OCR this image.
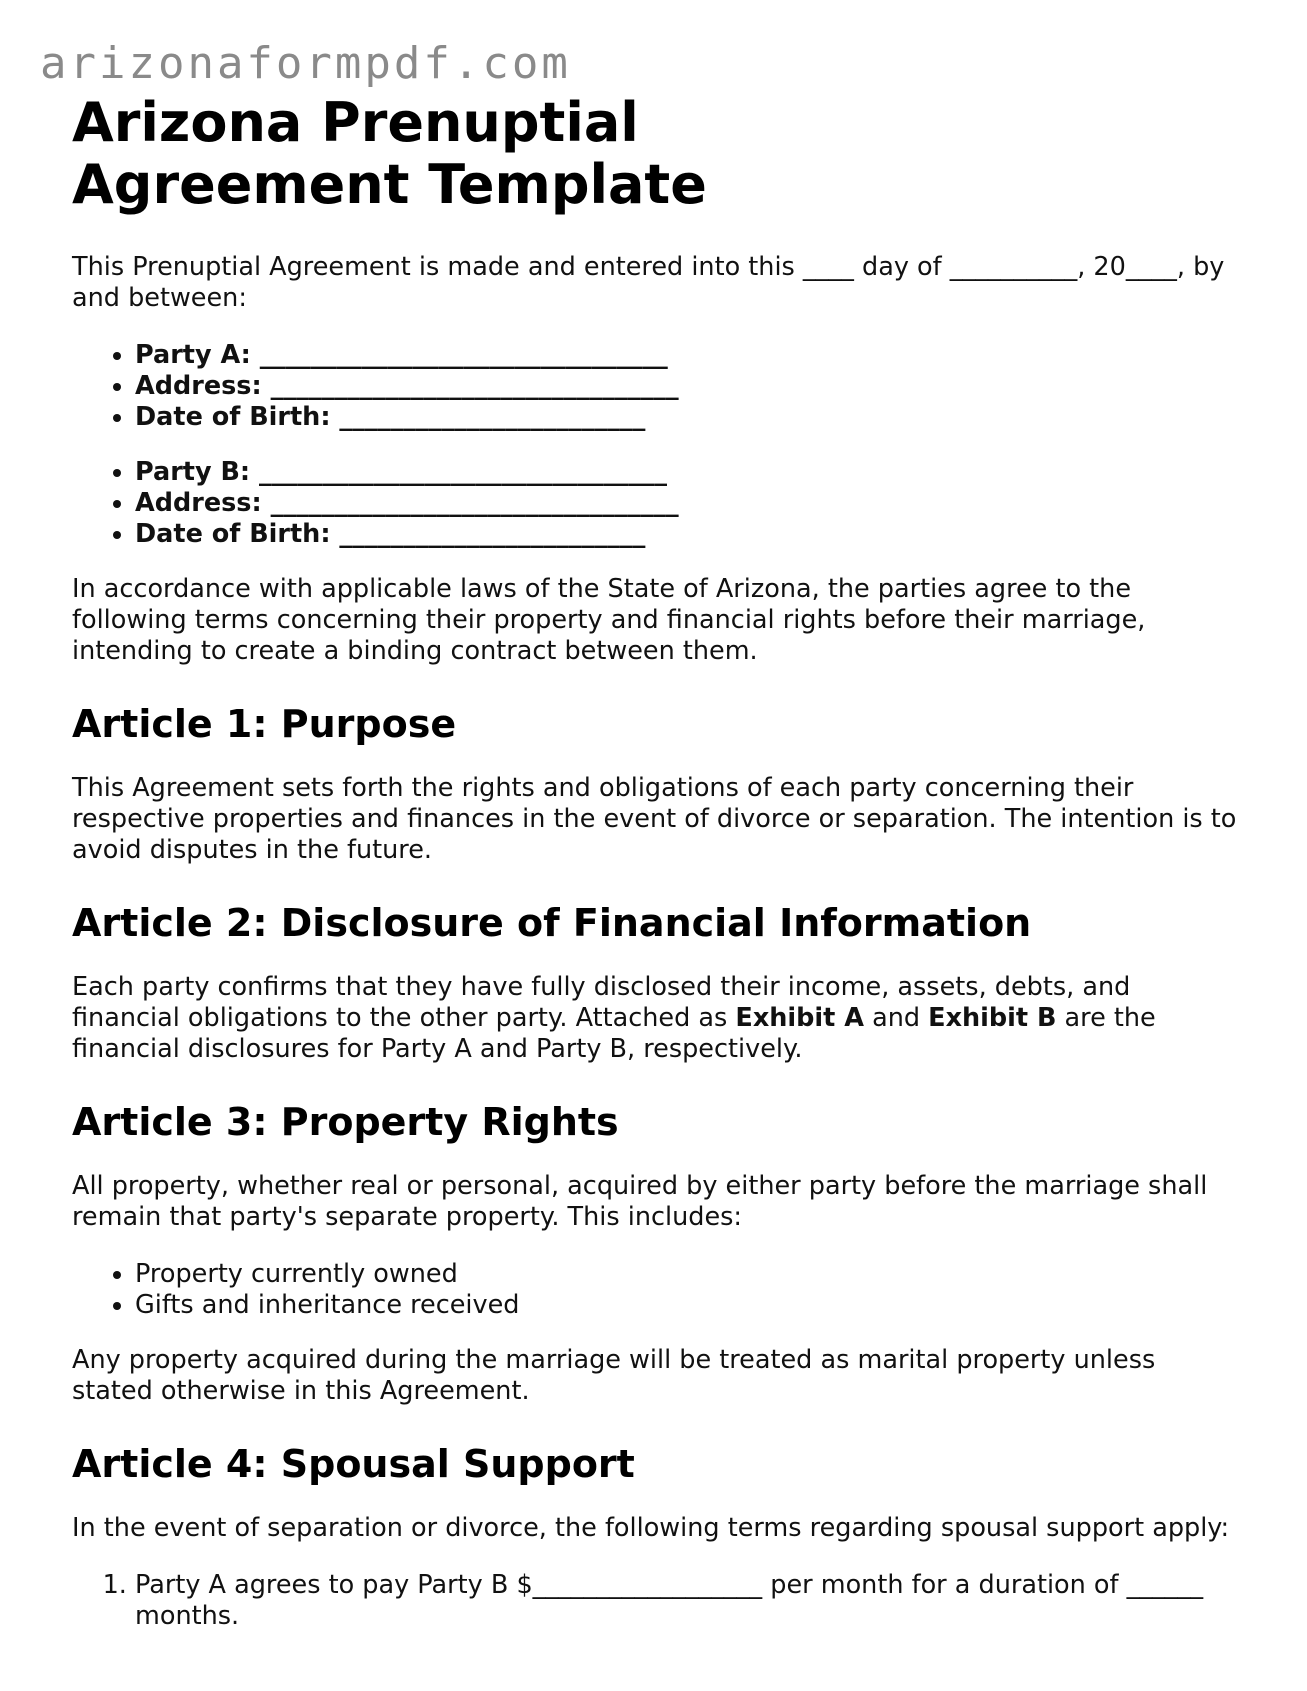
arizonaformpdf.com
Arizona Prenuptial Agreement Template

This Prenuptial Agreement is made and entered into this ____ day of __________, 20____, by and between:

• Party A: ________________________________
• Address: ________________________________
• Date of Birth: ________________________
• Party B: ________________________________
• Address: ________________________________
• Date of Birth: ________________________

In accordance with applicable laws of the State of Arizona, the parties agree to the following terms concerning their property and financial rights before their marriage, intending to create a binding contract between them.

Article 1: Purpose

This Agreement sets forth the rights and obligations of each party concerning their respective properties and finances in the event of divorce or separation. The intention is to avoid disputes in the future.

Article 2: Disclosure of Financial Information

Each party confirms that they have fully disclosed their income, assets, debts, and financial obligations to the other party. Attached as Exhibit A and Exhibit B are the financial disclosures for Party A and Party B, respectively.

Article 3: Property Rights

All property, whether real or personal, acquired by either party before the marriage shall remain that party's separate property. This includes:

• Property currently owned
• Gifts and inheritance received

Any property acquired during the marriage will be treated as marital property unless stated otherwise in this Agreement.

Article 4: Spousal Support

In the event of separation or divorce, the following terms regarding spousal support apply:

1. Party A agrees to pay Party B $__________________ per month for a duration of ______ months.
